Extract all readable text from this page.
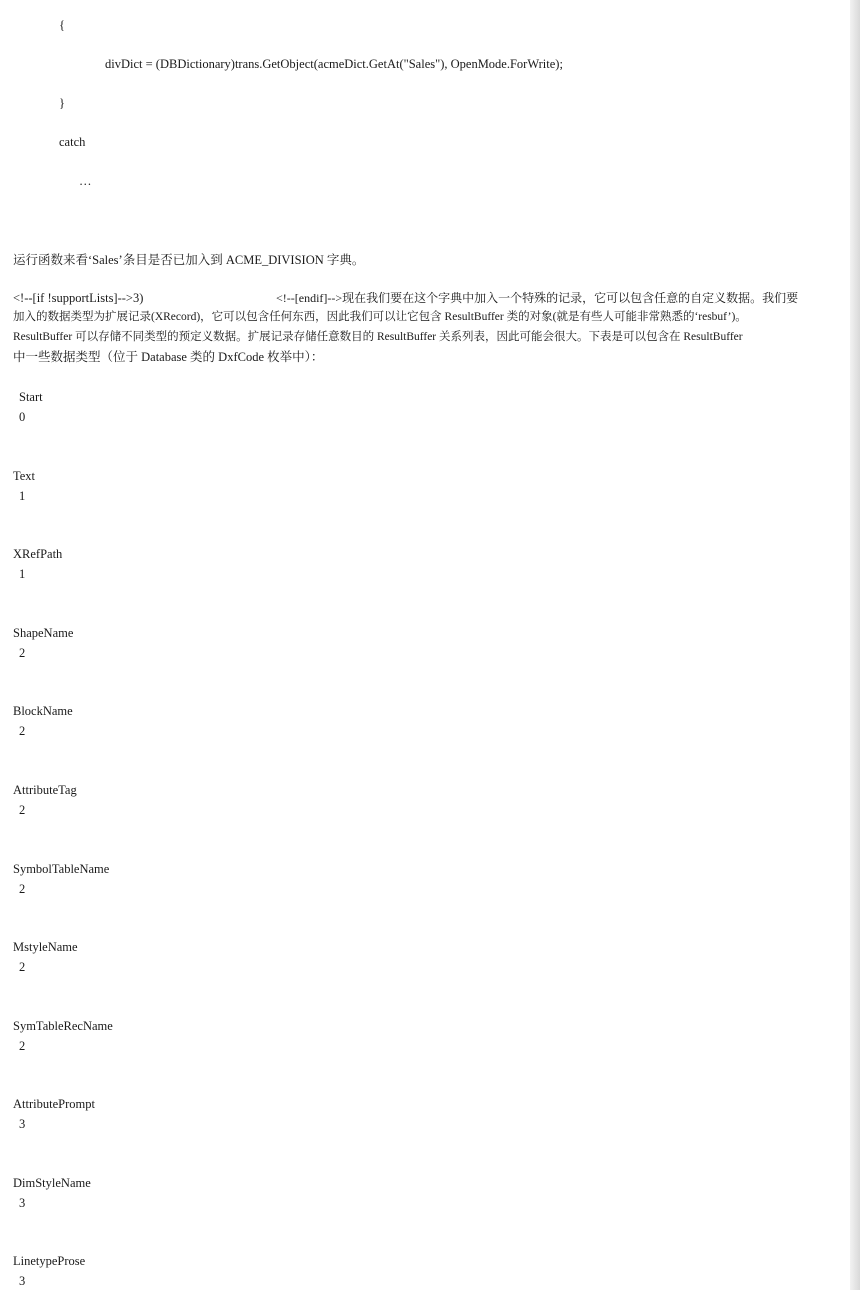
{
divDict = (DBDictionary)trans.GetObject(acmeDict.GetAt("Sales"), OpenMode.ForWrite);
}
catch
…
运行函数来看‘Sales’条目是否已加入到 ACME_DIVISION 字典。
<!--[if !supportLists]-->3)	<!--[endif]-->现在我们要在这个字典中加入一个特殊的记录，它可以包含任意的自定义数据。我们要
加入的数据类型为扩展记录(XRecord)，它可以包含任何东西，因此我们可以让它包含 ResultBuffer 类的对象(就是有些人可能非常熟悉的‘resbuf’)。
ResultBuffer 可以存储不同类型的预定义数据。扩展记录存储任意数目的 ResultBuffer 关系列表，因此可能会很大。下表是可以包含在 ResultBuffer
中一些数据类型（位于 Database 类的 DxfCode 枚举中）：
Start
0
Text
1
XRefPath
1
ShapeName
2
BlockName
2
AttributeTag
2
SymbolTableName
2
MstyleName
2
SymTableRecName
2
AttributePrompt
3
DimStyleName
3
LinetypeProse
3
